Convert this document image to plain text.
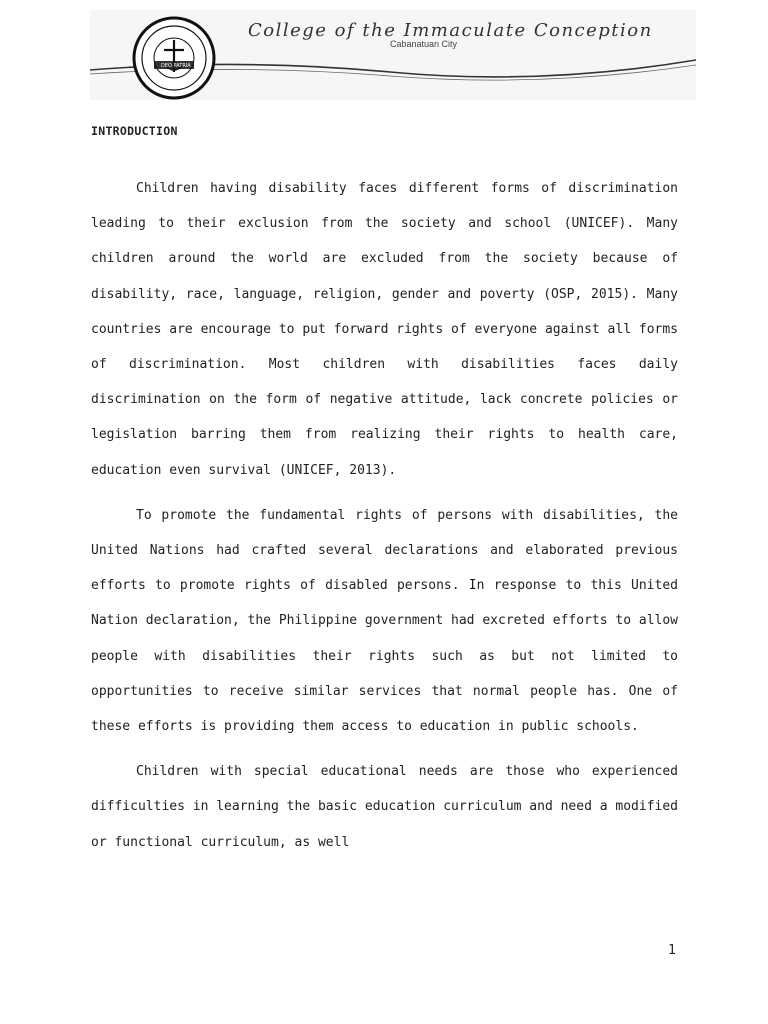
DEO PATRIA
College of the Immaculate Conception
Cabanatuan City
INTRODUCTION

Children having disability faces different forms of discrimination leading to their exclusion from the society and school (UNICEF). Many children around the world are excluded from the society because of disability, race, language, religion, gender and poverty (OSP, 2015). Many countries are encourage to put forward rights of everyone against all forms of discrimination. Most children with disabilities faces daily discrimination on the form of negative attitude, lack concrete policies or legislation barring them from realizing their rights to health care, education even survival (UNICEF, 2013).

To promote the fundamental rights of persons with disabilities, the United Nations had crafted several declarations and elaborated previous efforts to promote rights of disabled persons. In response to this United Nation declaration, the Philippine government had excreted efforts to allow people with disabilities their rights such as but not limited to opportunities to receive similar services that normal people has. One of these efforts is providing them access to education in public schools.

Children with special educational needs are those who experienced difficulties in learning the basic education curriculum and need a modified or functional curriculum, as well

1
